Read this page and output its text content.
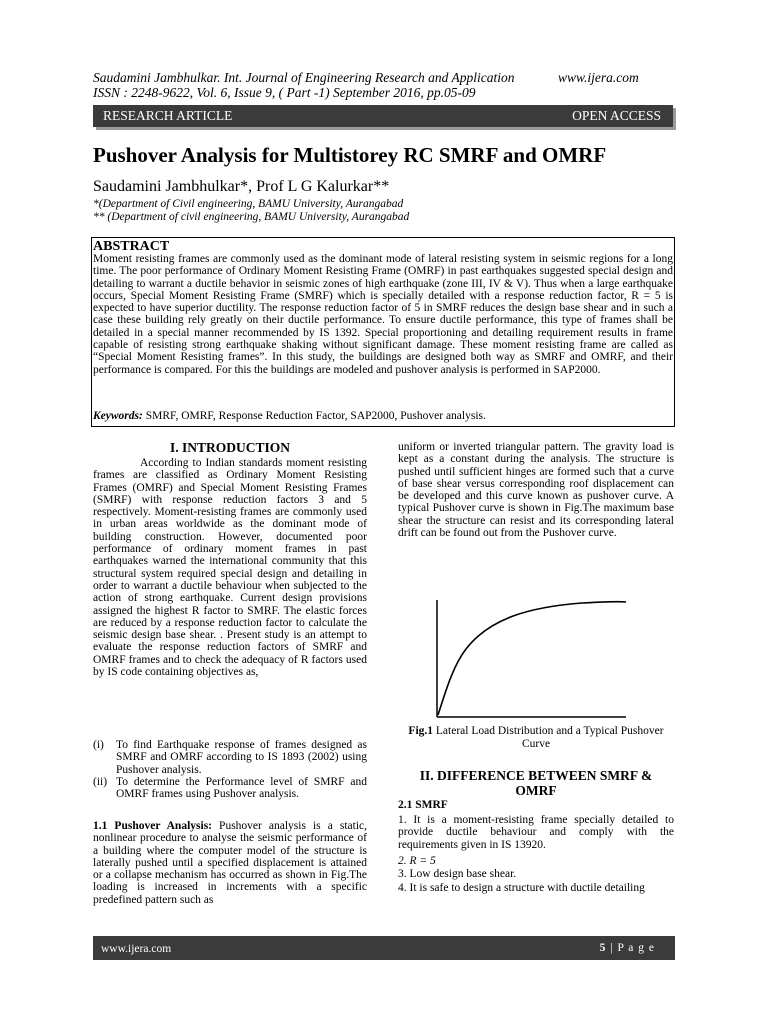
Saudamini Jambhulkar. Int. Journal of Engineering Research and Application	www.ijera.com
ISSN : 2248-9622, Vol. 6, Issue 9, ( Part -1) September 2016, pp.05-09
RESEARCH ARTICLE	OPEN ACCESS
Pushover Analysis for Multistorey RC SMRF and OMRF
Saudamini Jambhulkar*, Prof L G Kalurkar**
*(Department of Civil engineering, BAMU University, Aurangabad
** (Department of civil engineering, BAMU University, Aurangabad
ABSTRACT
Moment resisting frames are commonly used as the dominant mode of lateral resisting system in seismic regions for a long time. The poor performance of Ordinary Moment Resisting Frame (OMRF) in past earthquakes suggested special design and detailing to warrant a ductile behavior in seismic zones of high earthquake (zone III, IV & V). Thus when a large earthquake occurs, Special Moment Resisting Frame (SMRF) which is specially detailed with a response reduction factor, R = 5 is expected to have superior ductility. The response reduction factor of 5 in SMRF reduces the design base shear and in such a case these building rely greatly on their ductile performance. To ensure ductile performance, this type of frames shall be detailed in a special manner recommended by IS 1392. Special proportioning and detailing requirement results in frame capable of resisting strong earthquake shaking without significant damage. These moment resisting frame are called as “Special Moment Resisting frames”. In this study, the buildings are designed both way as SMRF and OMRF, and their performance is compared. For this the buildings are modeled and pushover analysis is performed in SAP2000.
Keywords: SMRF, OMRF, Response Reduction Factor, SAP2000, Pushover analysis.
I. INTRODUCTION
According to Indian standards moment resisting frames are classified as Ordinary Moment Resisting Frames (OMRF) and Special Moment Resisting Frames (SMRF) with response reduction factors 3 and 5 respectively. Moment-resisting frames are commonly used in urban areas worldwide as the dominant mode of building construction. However, documented poor performance of ordinary moment frames in past earthquakes warned the international community that this structural system required special design and detailing in order to warrant a ductile behaviour when subjected to the action of strong earthquake. Current design provisions assigned the highest R factor to SMRF. The elastic forces are reduced by a response reduction factor to calculate the seismic design base shear. . Present study is an attempt to evaluate the response reduction factors of SMRF and OMRF frames and to check the adequacy of R factors used by IS code containing objectives as,
(i) To find Earthquake response of frames designed as SMRF and OMRF according to IS 1893 (2002) using Pushover analysis.
(ii) To determine the Performance level of SMRF and OMRF frames using Pushover analysis.
1.1 Pushover Analysis: Pushover analysis is a static, nonlinear procedure to analyse the seismic performance of a building where the computer model of the structure is laterally pushed until a specified displacement is attained or a collapse mechanism has occurred as shown in Fig.The loading is increased in increments with a specific predefined pattern such as
uniform or inverted triangular pattern. The gravity load is kept as a constant during the analysis. The structure is pushed until sufficient hinges are formed such that a curve of base shear versus corresponding roof displacement can be developed and this curve known as pushover curve. A typical Pushover curve is shown in Fig.The maximum base shear the structure can resist and its corresponding lateral drift can be found out from the Pushover curve.
Fig.1 Lateral Load Distribution and a Typical Pushover Curve
II. DIFFERENCE BETWEEN SMRF & OMRF
2.1 SMRF
1. It is a moment-resisting frame specially detailed to provide ductile behaviour and comply with the requirements given in IS 13920.
2. R = 5
3. Low design base shear.
4. It is safe to design a structure with ductile detailing
www.ijera.com	5 | P a g e
